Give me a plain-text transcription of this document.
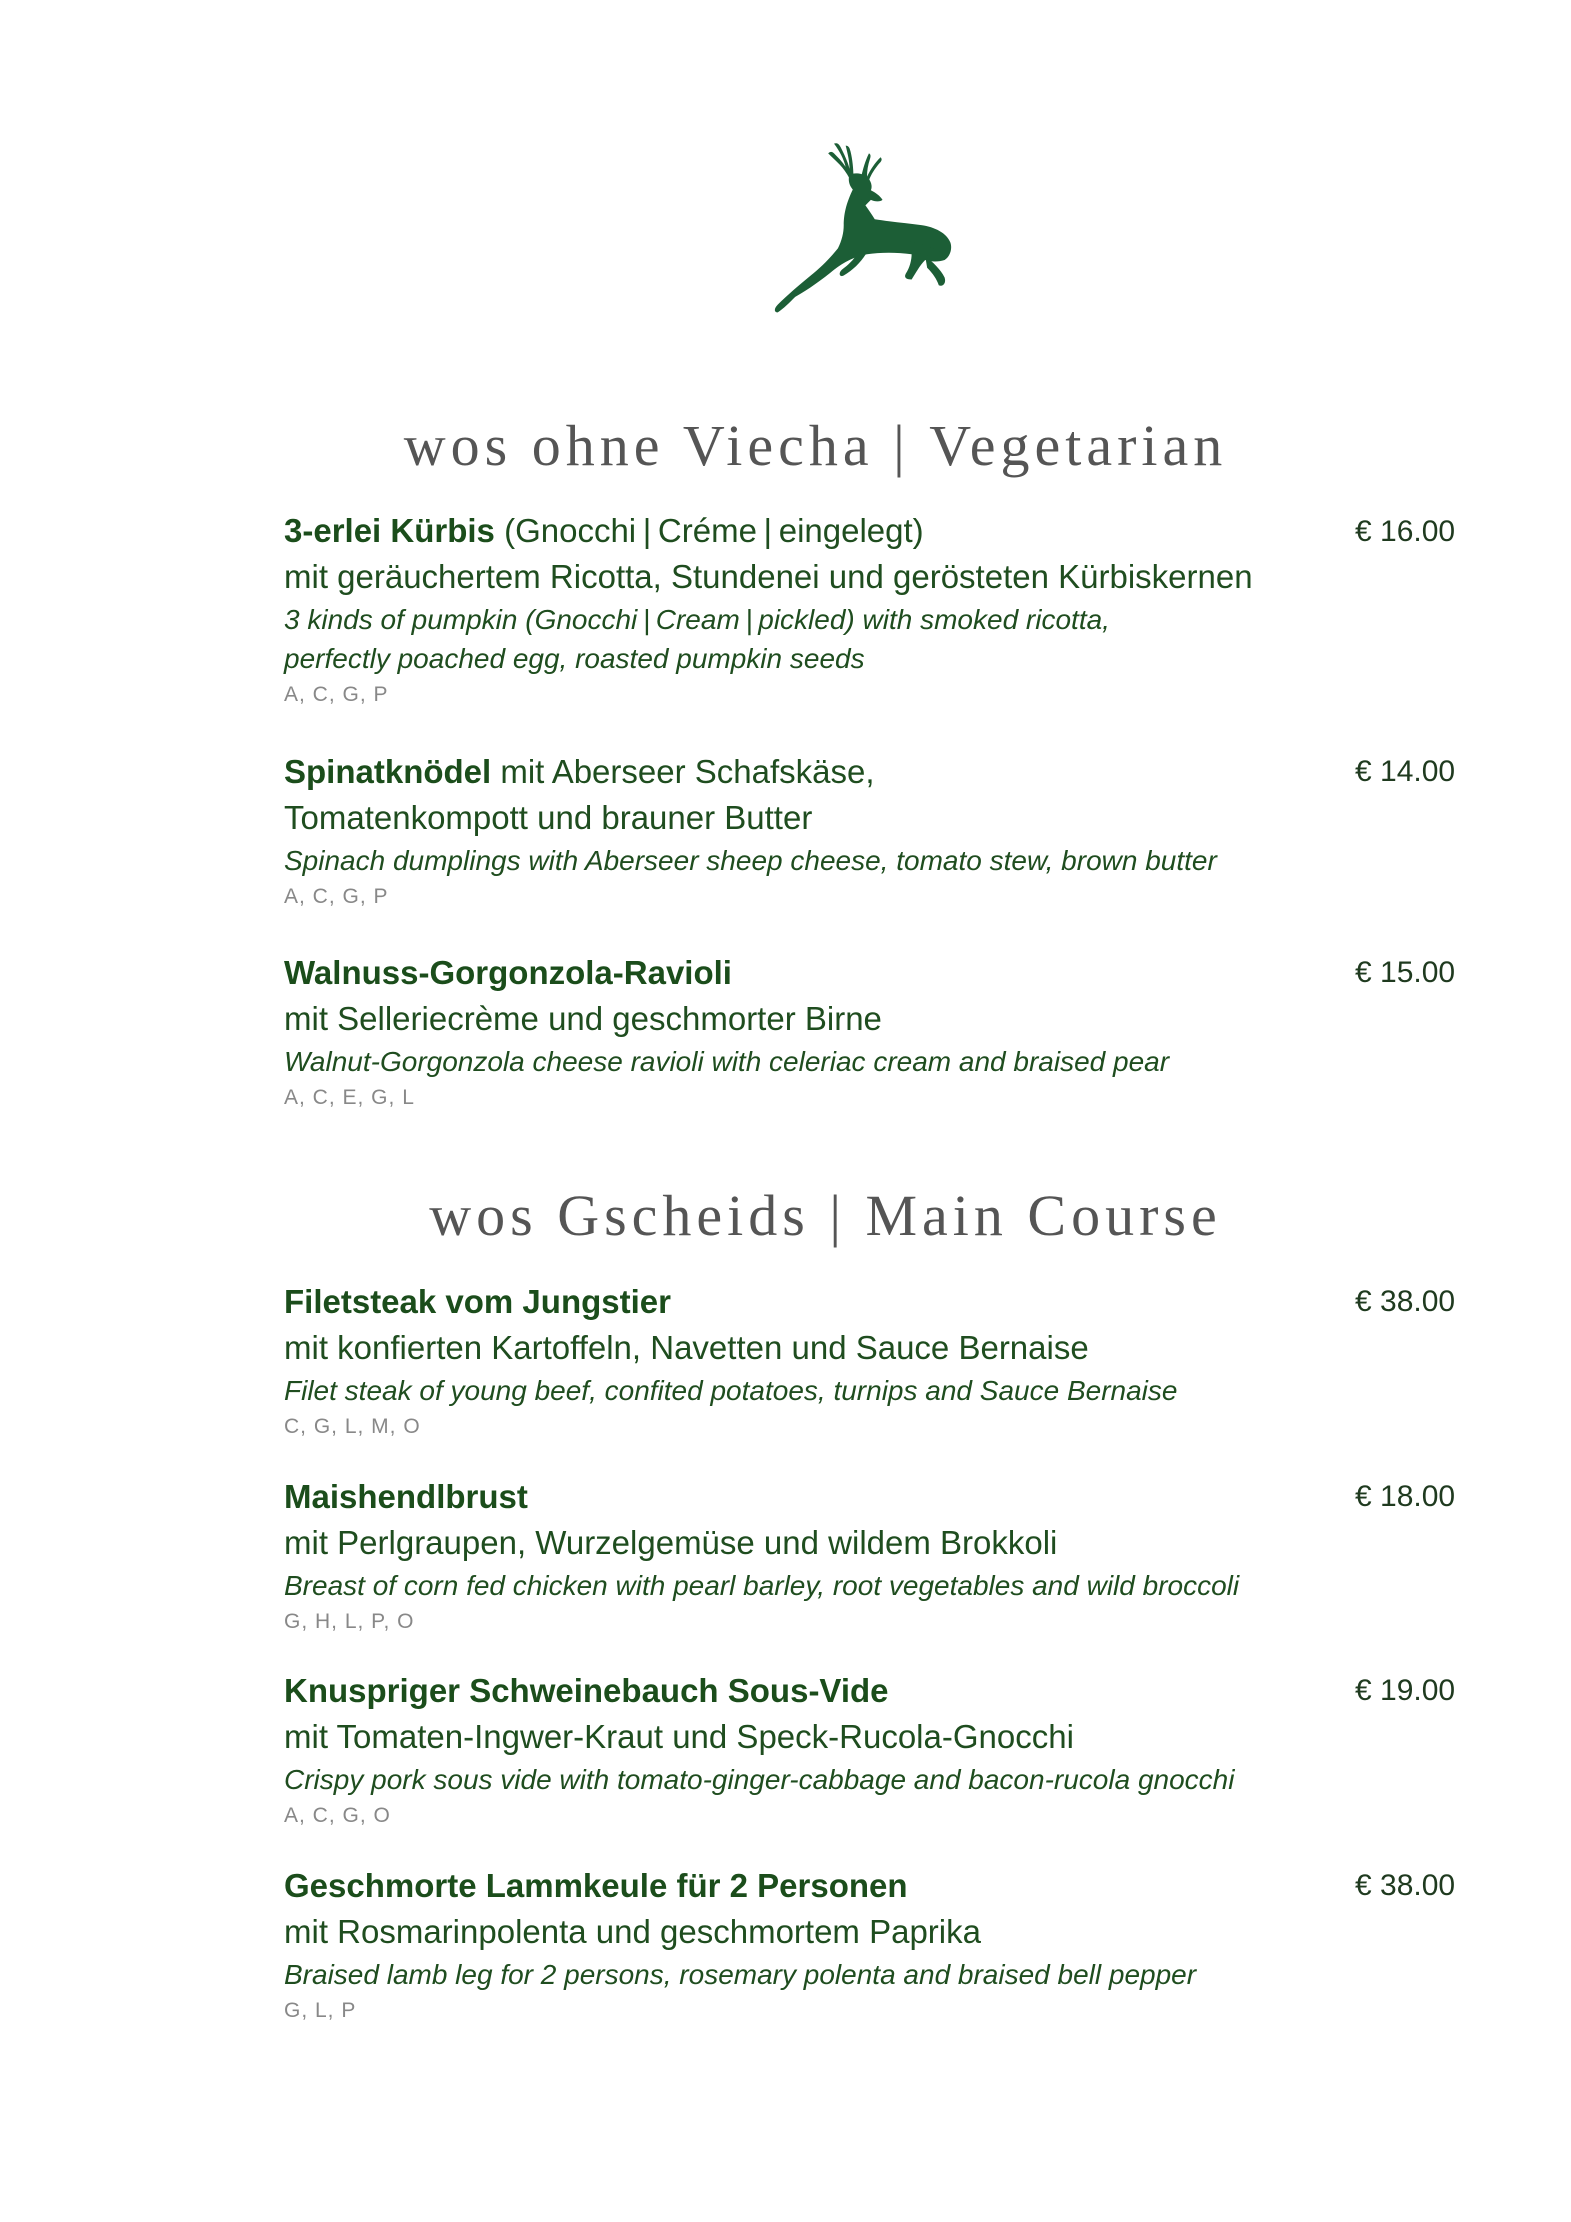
wos ohne Viecha | Vegetarian
3-erlei Kürbis (Gnocchi | Créme | eingelegt)
mit geräuchertem Ricotta, Stundenei und gerösteten Kürbiskernen
3 kinds of pumpkin (Gnocchi | Cream | pickled) with smoked ricotta,
perfectly poached egg, roasted pumpkin seeds
A, C, G, P
€ 16.00
Spinatknödel mit Aberseer Schafskäse,
Tomatenkompott und brauner Butter
Spinach dumplings with Aberseer sheep cheese, tomato stew, brown butter
A, C, G, P
€ 14.00
Walnuss-Gorgonzola-Ravioli
mit Selleriecrème und geschmorter Birne
Walnut-Gorgonzola cheese ravioli with celeriac cream and braised pear
A, C, E, G, L
€ 15.00
wos Gscheids | Main Course
Filetsteak vom Jungstier
mit konfierten Kartoffeln, Navetten und Sauce Bernaise
Filet steak of young beef, confited potatoes, turnips and Sauce Bernaise
C, G, L, M, O
€ 38.00
Maishendlbrust
mit Perlgraupen, Wurzelgemüse und wildem Brokkoli
Breast of corn fed chicken with pearl barley, root vegetables and wild broccoli
G, H, L, P, O
€ 18.00
Knuspriger Schweinebauch Sous-Vide
mit Tomaten-Ingwer-Kraut und Speck-Rucola-Gnocchi
Crispy pork sous vide with tomato-ginger-cabbage and bacon-rucola gnocchi
A, C, G, O
€ 19.00
Geschmorte Lammkeule für 2 Personen
mit Rosmarinpolenta und geschmortem Paprika
Braised lamb leg for 2 persons, rosemary polenta and braised bell pepper
G, L, P
€ 38.00
